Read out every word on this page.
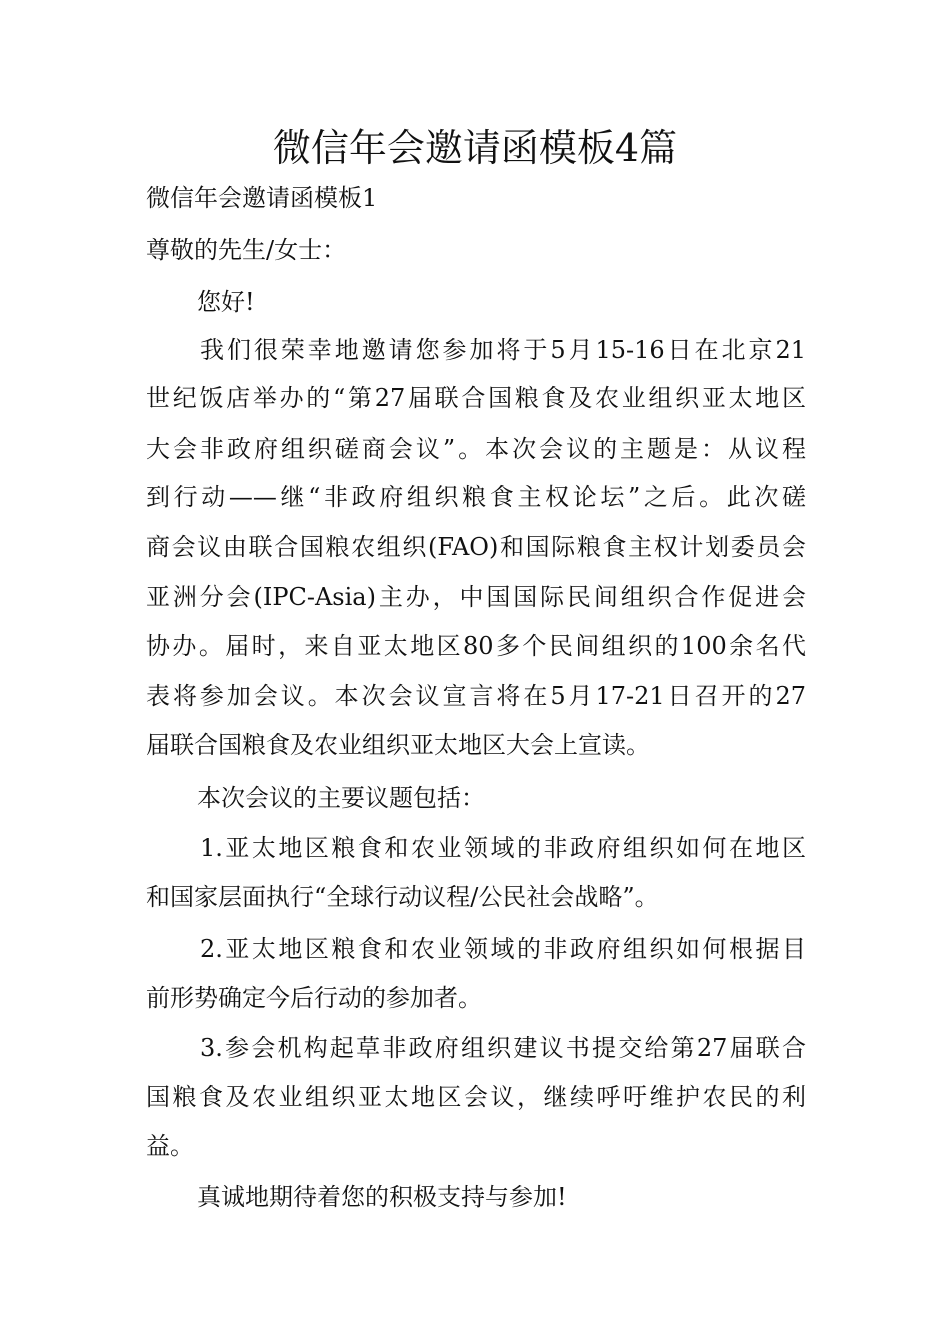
微信年会邀请函模板4篇

微信年会邀请函模板1

尊敬的先生/女士：

您好!

我们很荣幸地邀请您参加将于5月15-16日在北京21

世纪饭店举办的“第27届联合国粮食及农业组织亚太地区

大会非政府组织磋商会议”。本次会议的主题是：从议程

到行动——继“非政府组织粮食主权论坛”之后。此次磋

商会议由联合国粮农组织(FAO)和国际粮食主权计划委员会

亚洲分会(IPC-Asia)主办，中国国际民间组织合作促进会

协办。届时，来自亚太地区80多个民间组织的100余名代

表将参加会议。本次会议宣言将在5月17-21日召开的27

届联合国粮食及农业组织亚太地区大会上宣读。

本次会议的主要议题包括：

1.亚太地区粮食和农业领域的非政府组织如何在地区

和国家层面执行“全球行动议程/公民社会战略”。

2.亚太地区粮食和农业领域的非政府组织如何根据目

前形势确定今后行动的参加者。

3.参会机构起草非政府组织建议书提交给第27届联合

国粮食及农业组织亚太地区会议，继续呼吁维护农民的利

益。

真诚地期待着您的积极支持与参加!
